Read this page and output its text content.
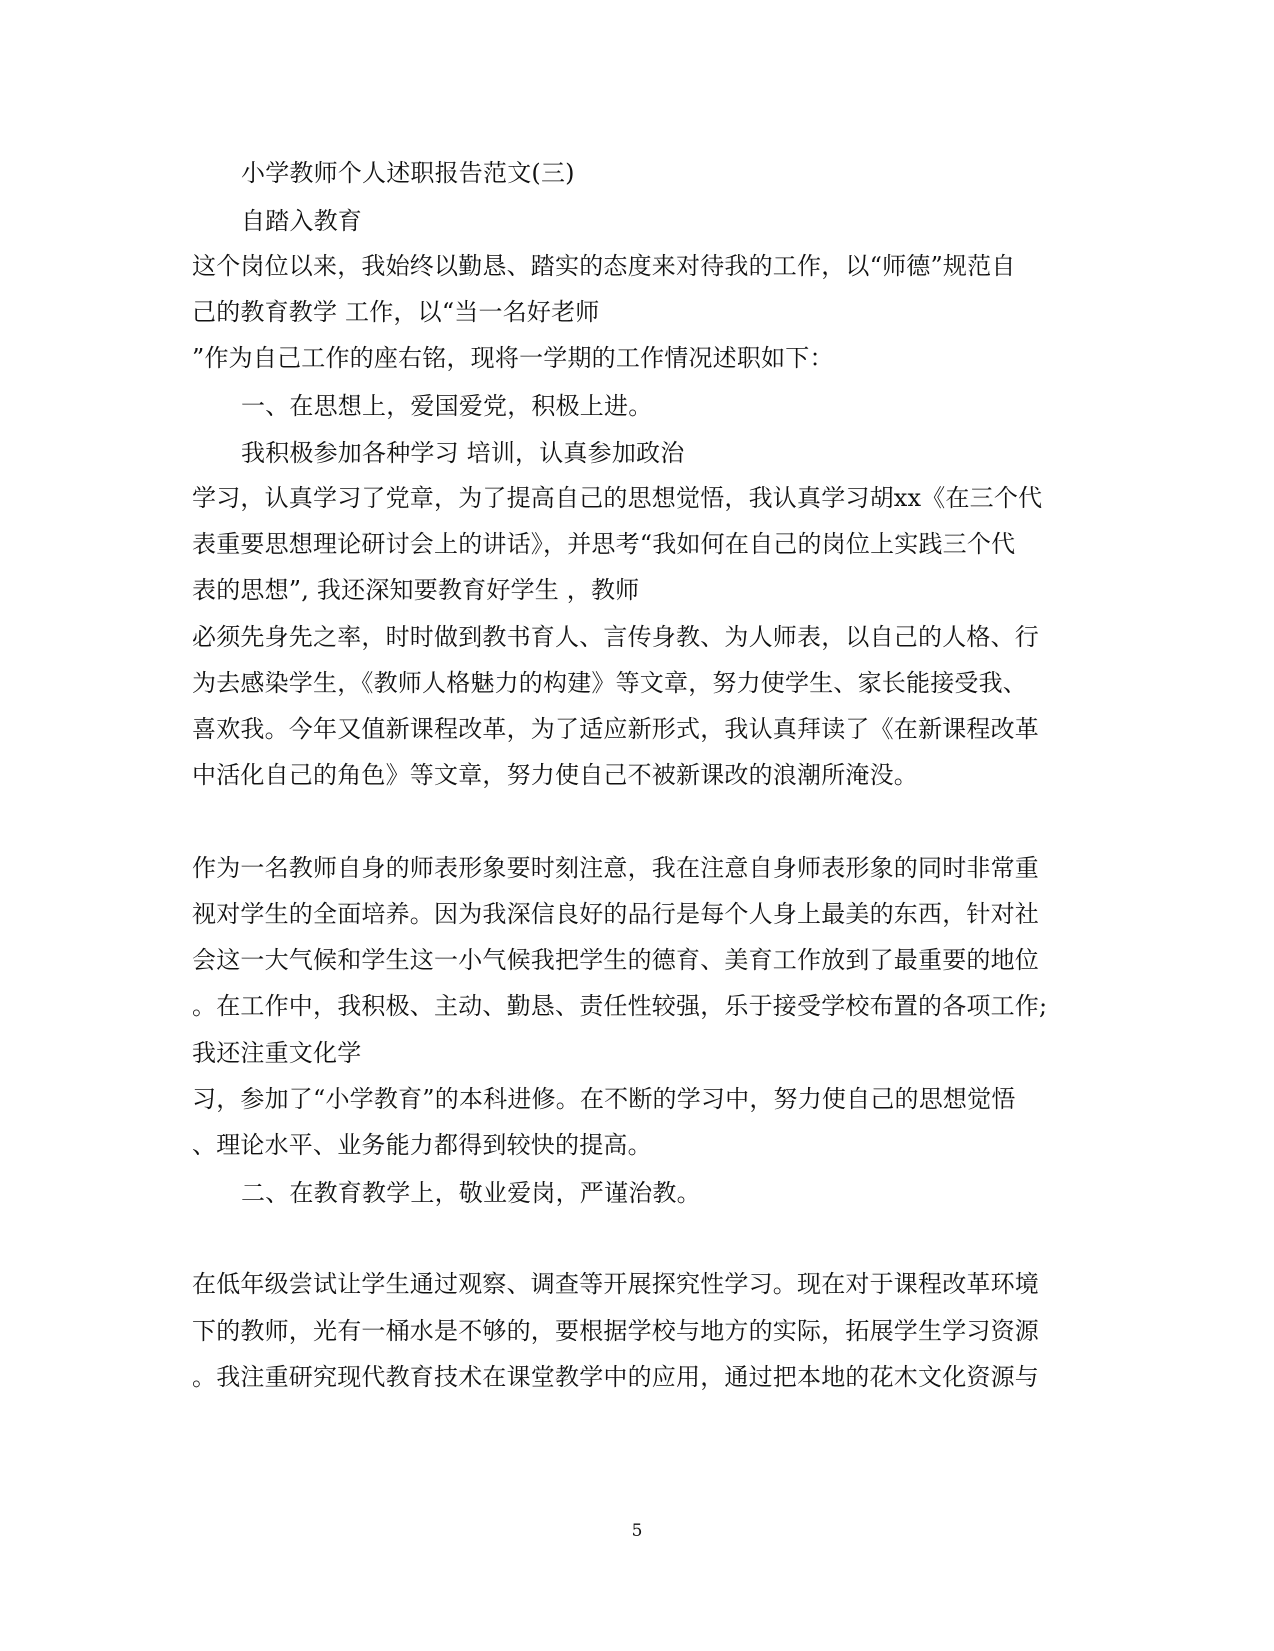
小学教师个人述职报告范文(三)
自踏入教育
这个岗位以来，我始终以勤恳、踏实的态度来对待我的工作，以“师德”规范自
己的教育教学 工作，以“当一名好老师
”作为自己工作的座右铭，现将一学期的工作情况述职如下：
一、在思想上，爱国爱党，积极上进。
我积极参加各种学习 培训，认真参加政治
学习，认真学习了党章，为了提高自己的思想觉悟，我认真学习胡xx《在三个代
表重要思想理论研讨会上的讲话》，并思考“我如何在自己的岗位上实践三个代
表的思想”, 我还深知要教育好学生 ，教师
必须先身先之率，时时做到教书育人、言传身教、为人师表，以自己的人格、行
为去感染学生，《教师人格魅力的构建》等文章，努力使学生、家长能接受我、
喜欢我。今年又值新课程改革，为了适应新形式，我认真拜读了《在新课程改革
中活化自己的角色》等文章，努力使自己不被新课改的浪潮所淹没。
作为一名教师自身的师表形象要时刻注意，我在注意自身师表形象的同时非常重
视对学生的全面培养。因为我深信良好的品行是每个人身上最美的东西，针对社
会这一大气候和学生这一小气候我把学生的德育、美育工作放到了最重要的地位
。在工作中，我积极、主动、勤恳、责任性较强，乐于接受学校布置的各项工作;
我还注重文化学
习，参加了“小学教育”的本科进修。在不断的学习中，努力使自己的思想觉悟
、理论水平、业务能力都得到较快的提高。
二、在教育教学上，敬业爱岗，严谨治教。
在低年级尝试让学生通过观察、调查等开展探究性学习。现在对于课程改革环境
下的教师，光有一桶水是不够的，要根据学校与地方的实际，拓展学生学习资源
。我注重研究现代教育技术在课堂教学中的应用，通过把本地的花木文化资源与
5
